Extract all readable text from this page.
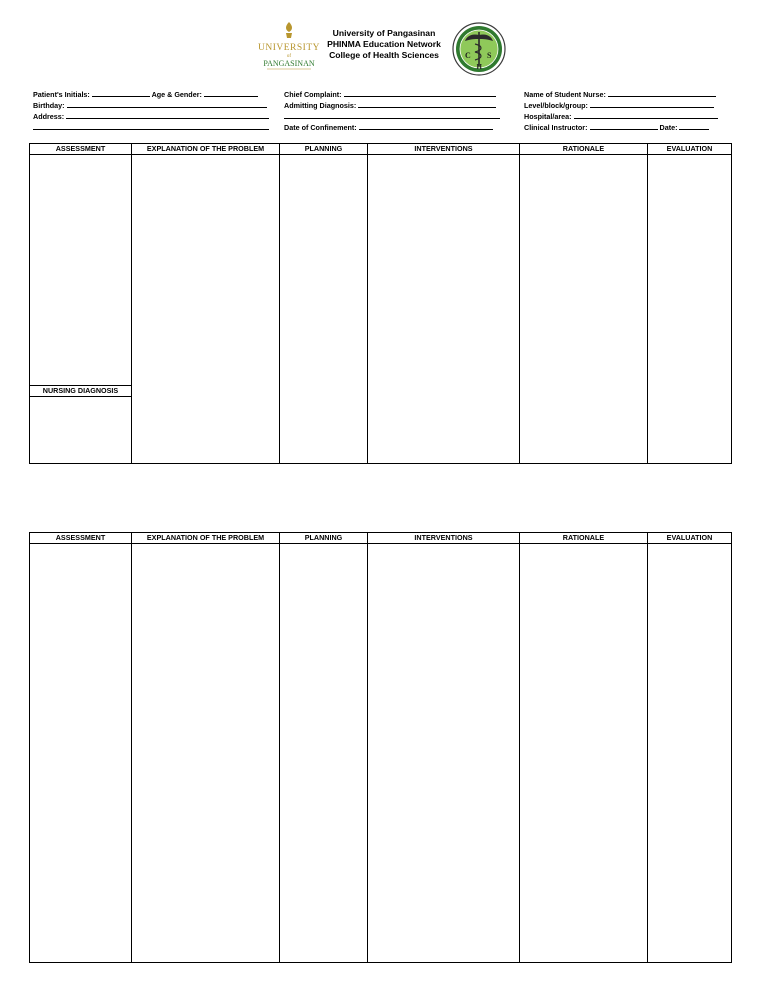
UNIVERSITY
of
PANGASINAN
University of Pangasinan
PHINMA Education Network
College of Health Sciences	C S
H
Patient's Initials:	Age & Gender:
Birthday:
Address:
Chief Complaint:
Admitting Diagnosis:
Date of Confinement:
Name of Student Nurse:
Level/block/group:
Hospital/area:
Clinical Instructor:	Date:
ASSESSMENT	EXPLANATION OF THE PROBLEM	PLANNING	INTERVENTIONS	RATIONALE	EVALUATION

NURSING DIAGNOSIS					

ASSESSMENT	EXPLANATION OF THE PROBLEM	PLANNING	INTERVENTIONS	RATIONALE	EVALUATION
